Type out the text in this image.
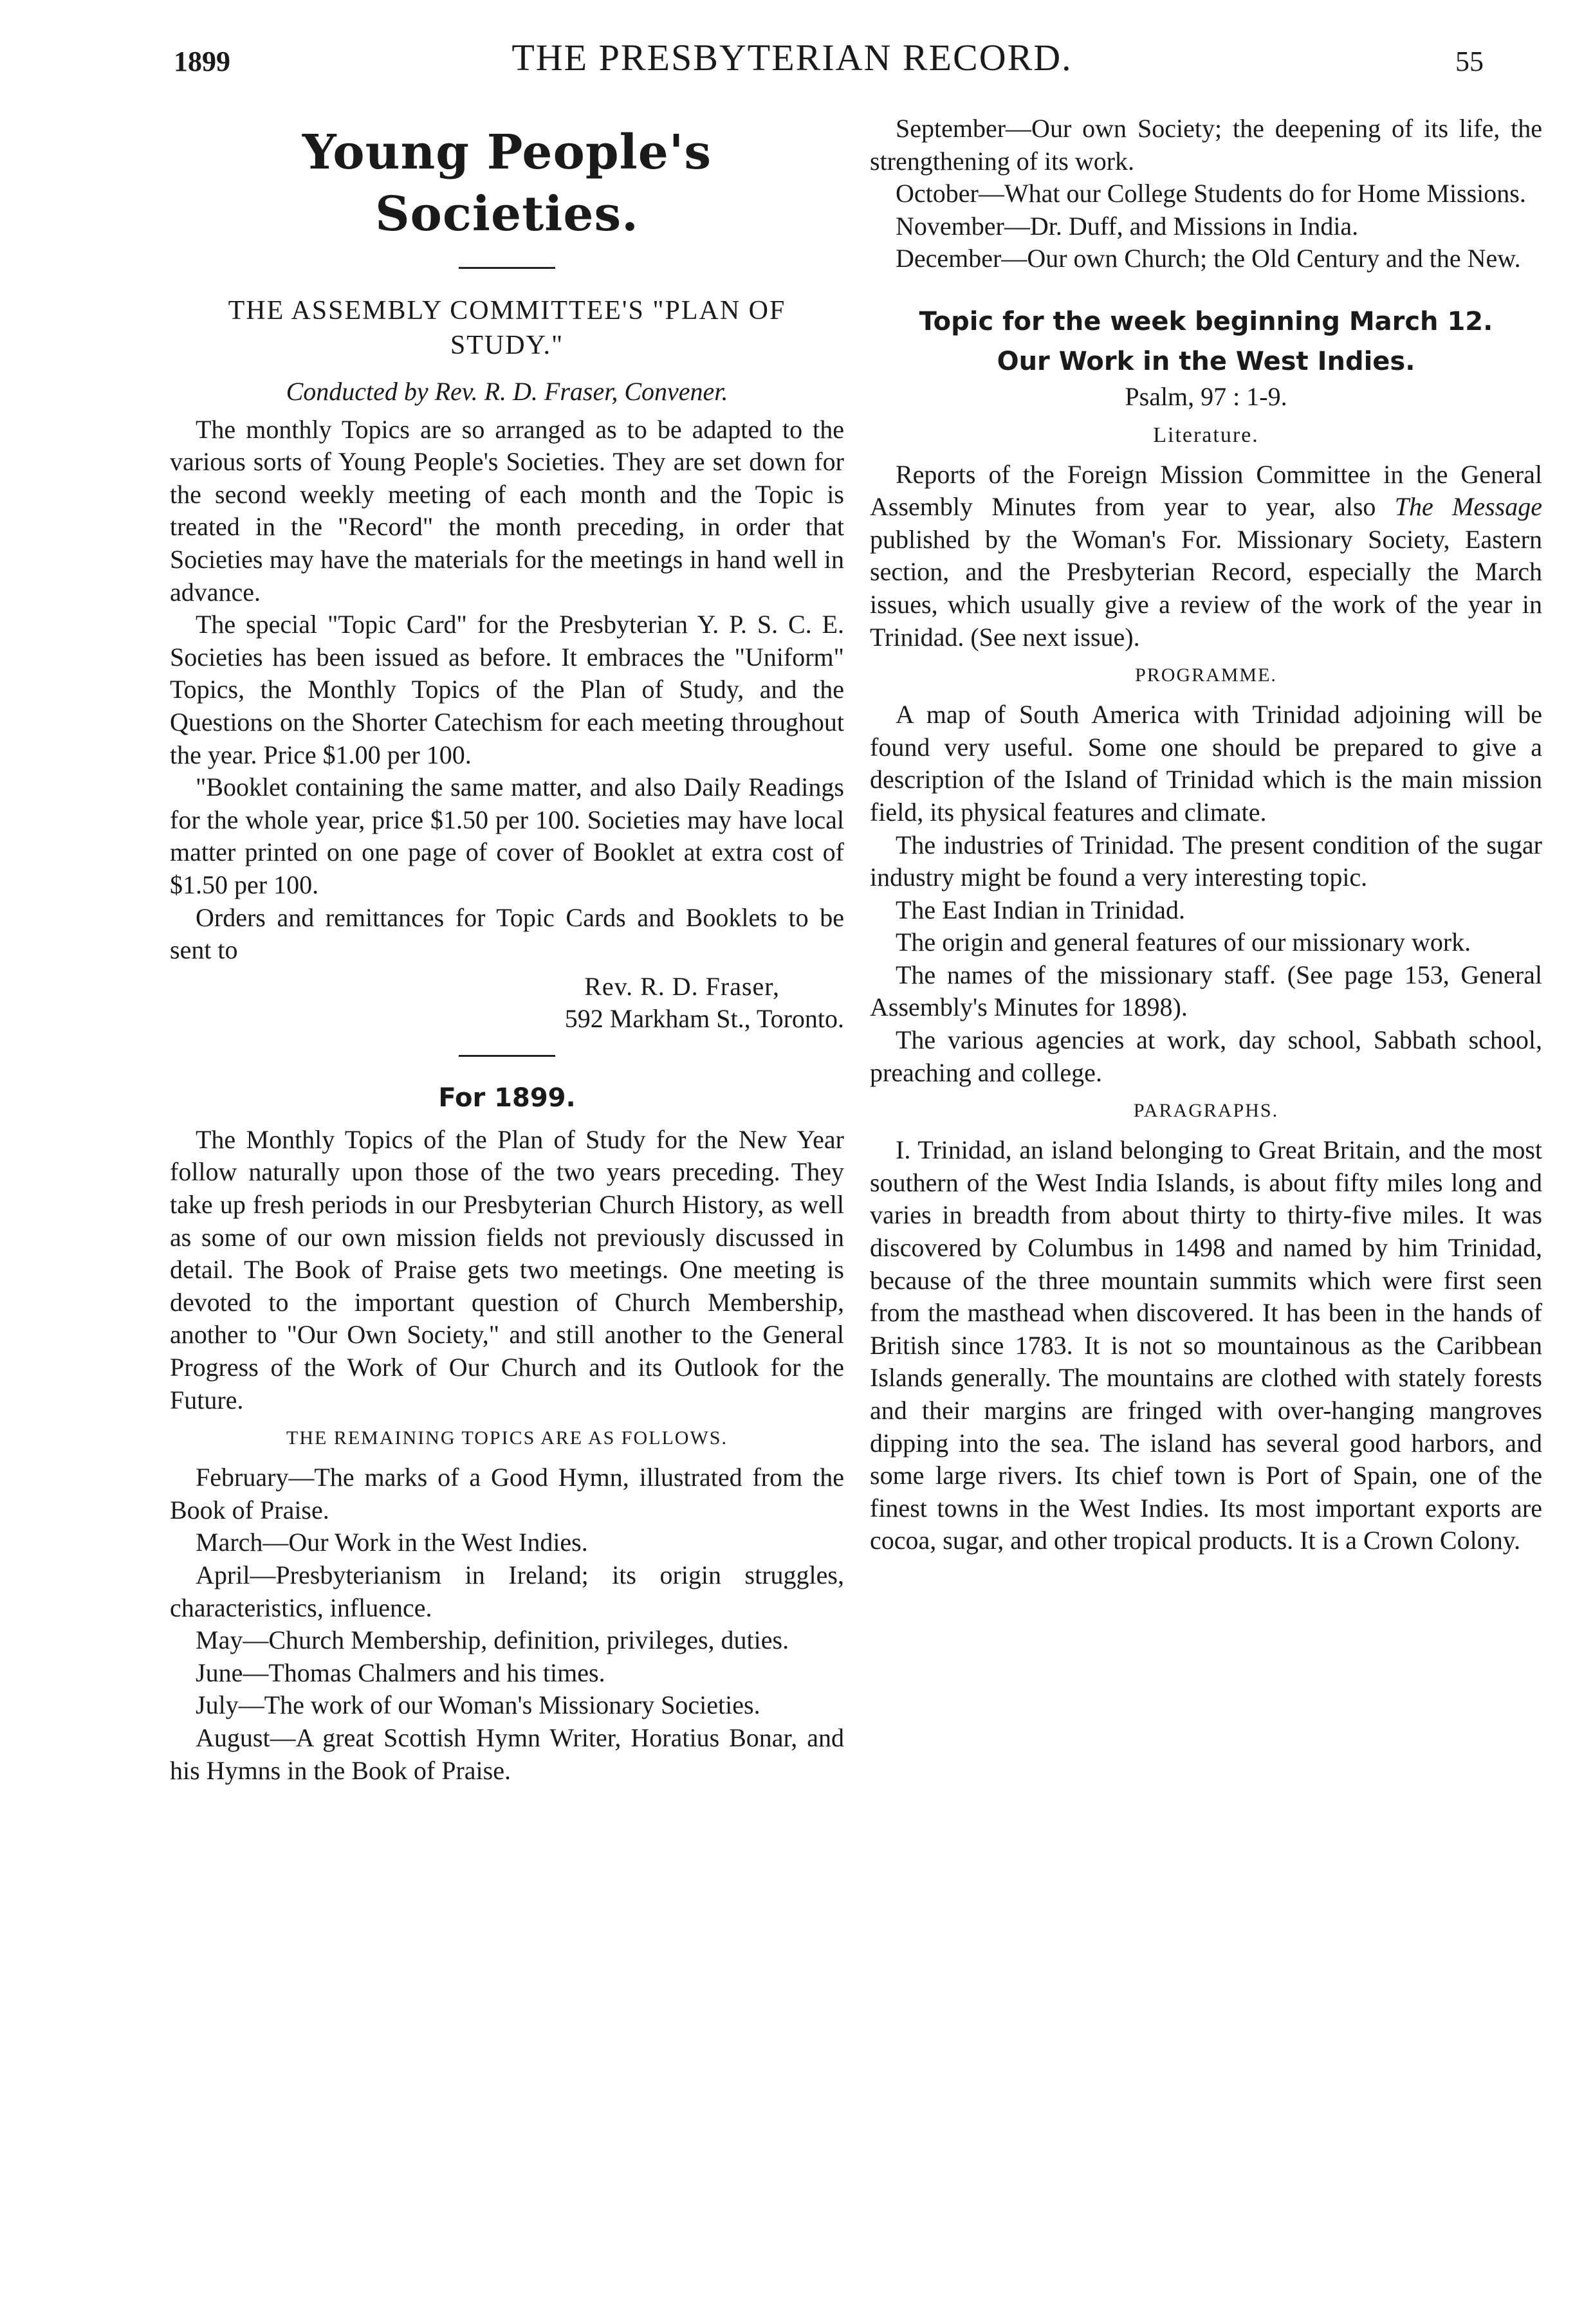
1899	THE PRESBYTERIAN RECORD.	55
Young People's Societies.
THE ASSEMBLY COMMITTEE'S "PLAN OF STUDY."
Conducted by Rev. R. D. Fraser, Convener.

The monthly Topics are so arranged as to be adapted to the various sorts of Young People's Societies. They are set down for the second weekly meeting of each month and the Topic is treated in the "Record" the month preceding, in order that Societies may have the materials for the meetings in hand well in advance.

The special "Topic Card" for the Presbyterian Y. P. S. C. E. Societies has been issued as before. It embraces the "Uniform" Topics, the Monthly Topics of the Plan of Study, and the Questions on the Shorter Catechism for each meeting throughout the year. Price $1.00 per 100.

"Booklet containing the same matter, and also Daily Readings for the whole year, price $1.50 per 100. Societies may have local matter printed on one page of cover of Booklet at extra cost of $1.50 per 100.

Orders and remittances for Topic Cards and Booklets to be sent to

Rev. R. D. Fraser,
592 Markham St., Toronto.
For 1899.

The Monthly Topics of the Plan of Study for the New Year follow naturally upon those of the two years preceding. They take up fresh periods in our Presbyterian Church History, as well as some of our own mission fields not previously discussed in detail. The Book of Praise gets two meetings. One meeting is devoted to the important question of Church Membership, another to "Our Own Society," and still another to the General Progress of the Work of Our Church and its Outlook for the Future.

THE REMAINING TOPICS ARE AS FOLLOWS.

February—The marks of a Good Hymn, illustrated from the Book of Praise.

March—Our Work in the West Indies.

April—Presbyterianism in Ireland; its origin struggles, characteristics, influence.

May—Church Membership, definition, privileges, duties.

June—Thomas Chalmers and his times.

July—The work of our Woman's Missionary Societies.

August—A great Scottish Hymn Writer, Horatius Bonar, and his Hymns in the Book of Praise.

September—Our own Society; the deepening of its life, the strengthening of its work.

October—What our College Students do for Home Missions.

November—Dr. Duff, and Missions in India.

December—Our own Church; the Old Century and the New.

Topic for the week beginning March 12.
Our Work in the West Indies.
Psalm, 97 : 1-9.
Literature.

Reports of the Foreign Mission Committee in the General Assembly Minutes from year to year, also The Message published by the Woman's For. Missionary Society, Eastern section, and the Presbyterian Record, especially the March issues, which usually give a review of the work of the year in Trinidad. (See next issue).

PROGRAMME.

A map of South America with Trinidad adjoining will be found very useful. Some one should be prepared to give a description of the Island of Trinidad which is the main mission field, its physical features and climate.

The industries of Trinidad. The present condition of the sugar industry might be found a very interesting topic.

The East Indian in Trinidad.

The origin and general features of our missionary work.

The names of the missionary staff. (See page 153, General Assembly's Minutes for 1898).

The various agencies at work, day school, Sabbath school, preaching and college.

PARAGRAPHS.

I. Trinidad, an island belonging to Great Britain, and the most southern of the West India Islands, is about fifty miles long and varies in breadth from about thirty to thirty-five miles. It was discovered by Columbus in 1498 and named by him Trinidad, because of the three mountain summits which were first seen from the masthead when discovered. It has been in the hands of British since 1783. It is not so mountainous as the Caribbean Islands generally. The mountains are clothed with stately forests and their margins are fringed with over-hanging mangroves dipping into the sea. The island has several good harbors, and some large rivers. Its chief town is Port of Spain, one of the finest towns in the West Indies. Its most important exports are cocoa, sugar, and other tropical products. It is a Crown Colony.
